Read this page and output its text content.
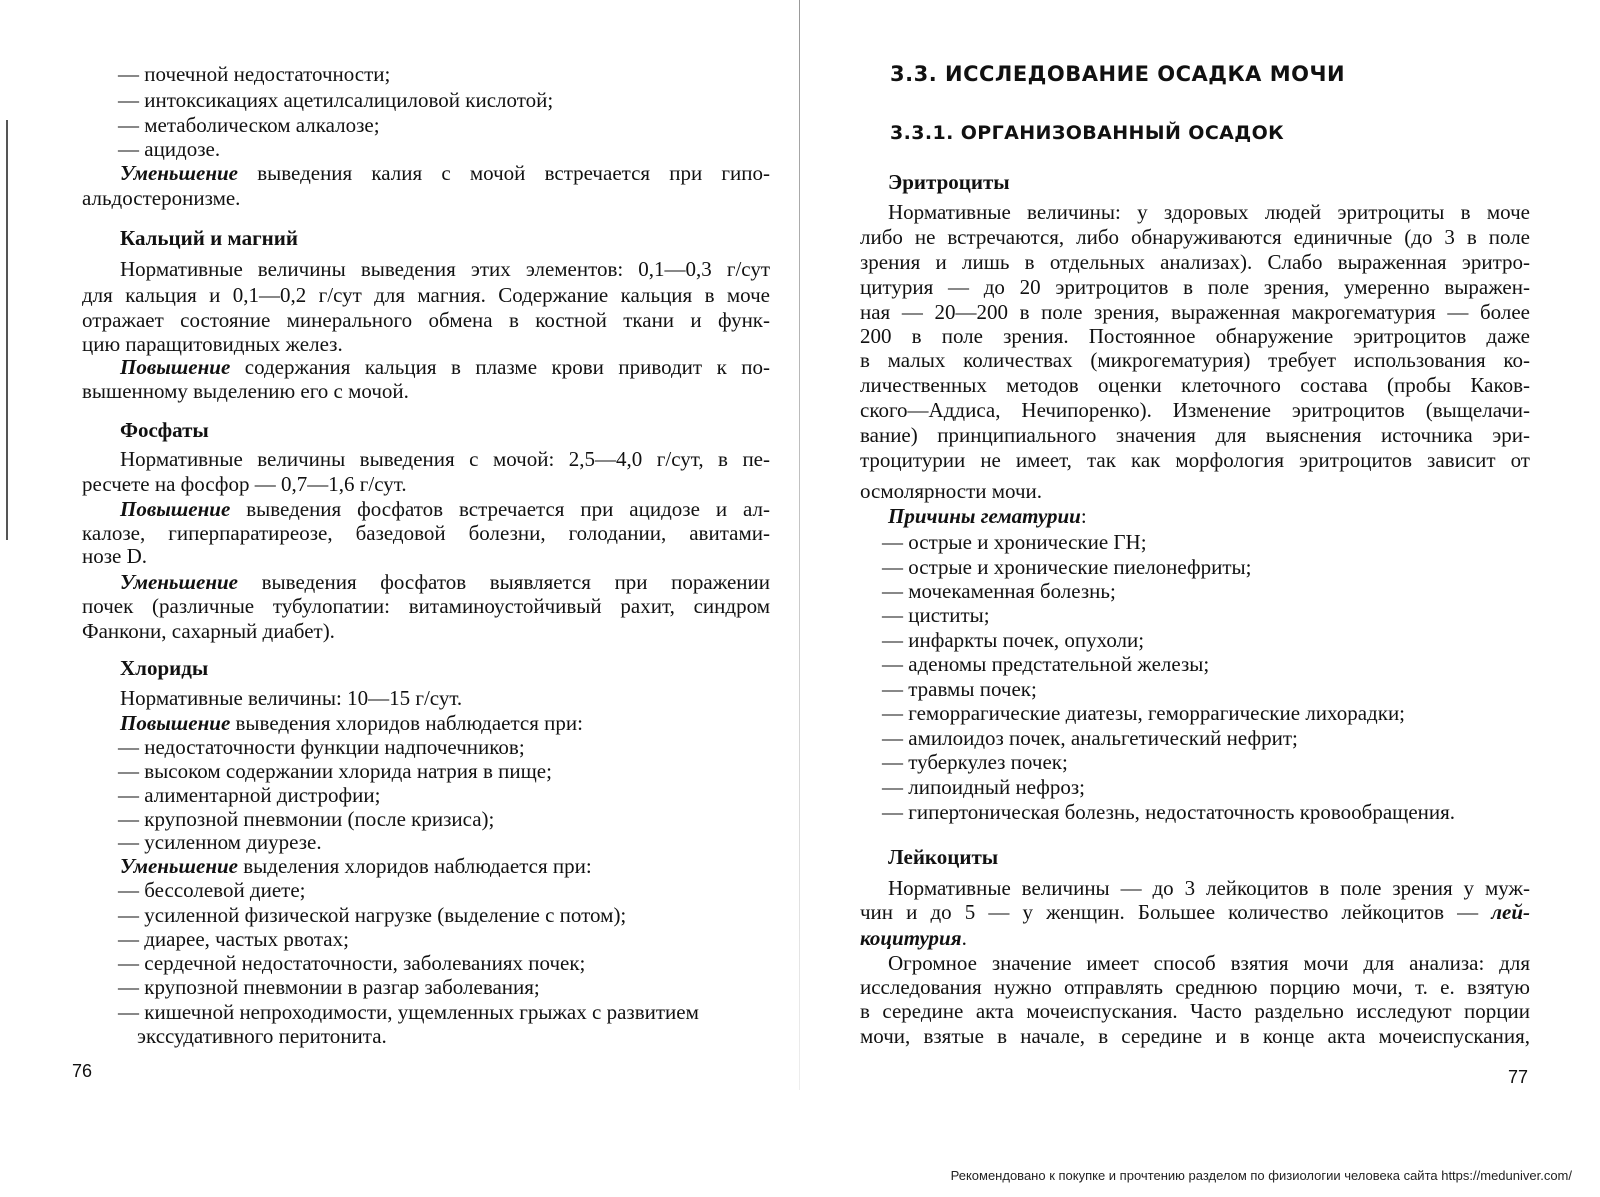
— почечной недостаточности;
— интоксикациях ацетилсалициловой кислотой;
— метаболическом алкалозе;
— ацидозе.
Уменьшение выведения калия с мочой встречается при гипо-
альдостеронизме.
Кальций и магний
Нормативные величины выведения этих элементов: 0,1—0,3 г/сут
для кальция и 0,1—0,2 г/сут для магния. Содержание кальция в моче
отражает состояние минерального обмена в костной ткани и функ-
цию паращитовидных желез.
Повышение содержания кальция в плазме крови приводит к по-
вышенному выделению его с мочой.
Фосфаты
Нормативные величины выведения с мочой: 2,5—4,0 г/сут, в пе-
ресчете на фосфор — 0,7—1,6 г/сут.
Повышение выведения фосфатов встречается при ацидозе и ал-
калозе, гиперпаратиреозе, базедовой болезни, голодании, авитами-
нозе D.
Уменьшение выведения фосфатов выявляется при поражении
почек (различные тубулопатии: витаминоустойчивый рахит, синдром
Фанкони, сахарный диабет).
Хлориды
Нормативные величины: 10—15 г/сут.
Повышение выведения хлоридов наблюдается при:
— недостаточности функции надпочечников;
— высоком содержании хлорида натрия в пище;
— алиментарной дистрофии;
— крупозной пневмонии (после кризиса);
— усиленном диурезе.
Уменьшение выделения хлоридов наблюдается при:
— бессолевой диете;
— усиленной физической нагрузке (выделение с потом);
— диарее, частых рвотах;
— сердечной недостаточности, заболеваниях почек;
— крупозной пневмонии в разгар заболевания;
— кишечной непроходимости, ущемленных грыжах с развитием
экссудативного перитонита.
3.3. ИССЛЕДОВАНИЕ ОСАДКА МОЧИ
3.3.1. ОРГАНИЗОВАННЫЙ ОСАДОК
Эритроциты
Нормативные величины: у здоровых людей эритроциты в моче
либо не встречаются, либо обнаруживаются единичные (до 3 в поле
зрения и лишь в отдельных анализах). Слабо выраженная эритро-
цитурия — до 20 эритроцитов в поле зрения, умеренно выражен-
ная — 20—200 в поле зрения, выраженная макрогематурия — более
200 в поле зрения. Постоянное обнаружение эритроцитов даже
в малых количествах (микрогематурия) требует использования ко-
личественных методов оценки клеточного состава (пробы Каков-
ского—Аддиса, Нечипоренко). Изменение эритроцитов (выщелачи-
вание) принципиального значения для выяснения источника эри-
троцитурии не имеет, так как морфология эритроцитов зависит от
осмолярности мочи.
Причины гематурии:
— острые и хронические ГН;
— острые и хронические пиелонефриты;
— мочекаменная болезнь;
— циститы;
— инфаркты почек, опухоли;
— аденомы предстательной железы;
— травмы почек;
— геморрагические диатезы, геморрагические лихорадки;
— амилоидоз почек, анальгетический нефрит;
— туберкулез почек;
— липоидный нефроз;
— гипертоническая болезнь, недостаточность кровообращения.
Лейкоциты
Нормативные величины — до 3 лейкоцитов в поле зрения у муж-
чин и до 5 — у женщин. Большее количество лейкоцитов — лей-
коцитурия.
Огромное значение имеет способ взятия мочи для анализа: для
исследования нужно отправлять среднюю порцию мочи, т. е. взятую
в середине акта мочеиспускания. Часто раздельно исследуют порции
мочи, взятые в начале, в середине и в конце акта мочеиспускания,
76	77
Рекомендовано к покупке и прочтению разделом по физиологии человека сайта https://meduniver.com/
